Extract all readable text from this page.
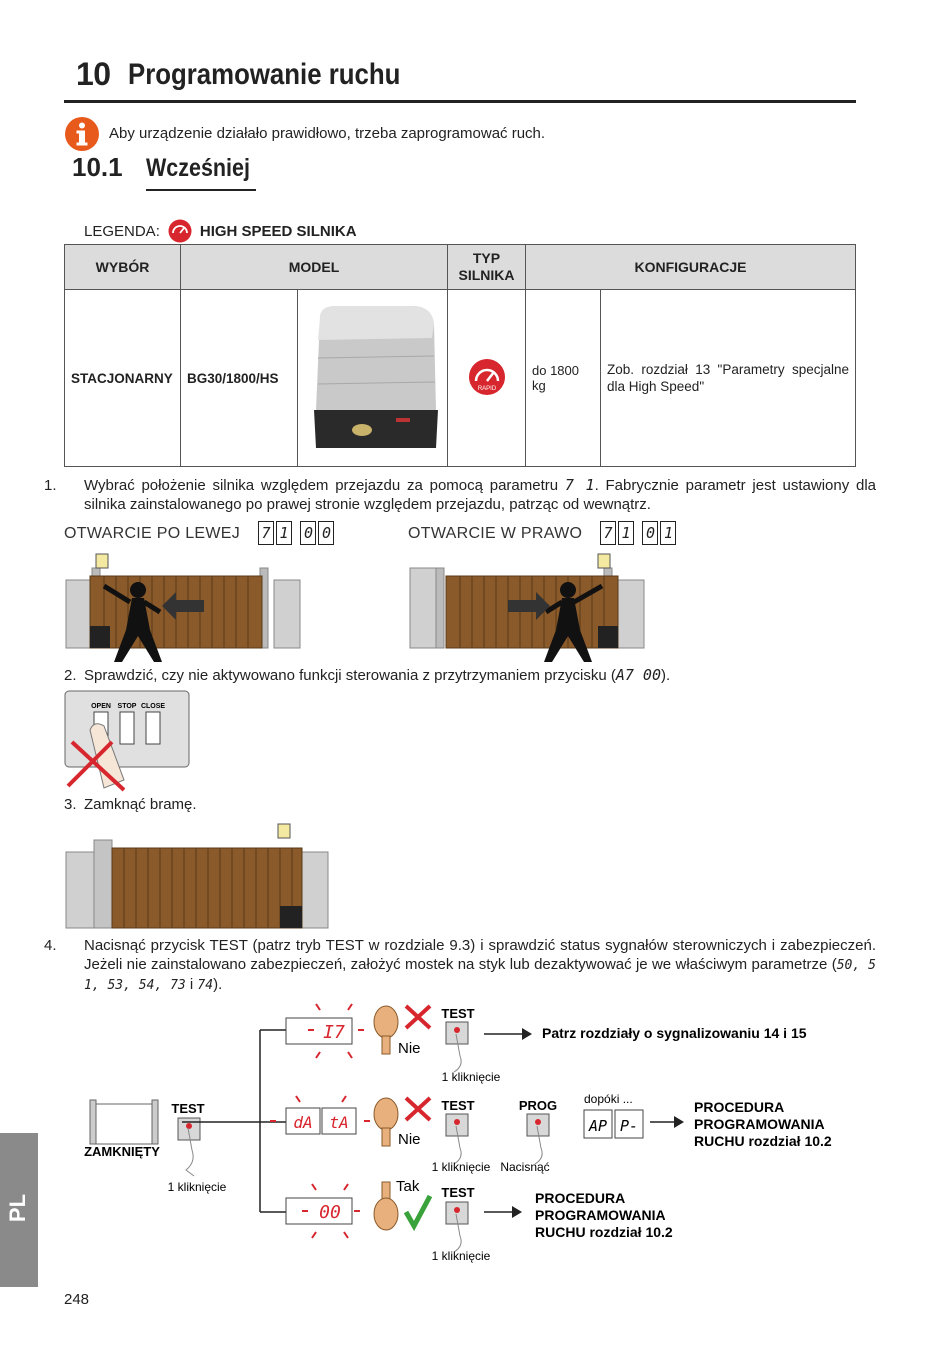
10 Programowanie ruchu
Aby urządzenie działało prawidłowo, trzeba zaprogramować ruch.
10.1 Wcześniej
LEGENDA:	HIGH SPEED SILNIKA
WYBÓR	MODEL		TYP SILNIKA	KONFIGURACJE	
STACJONARNY	BG30/1800/HS		RAPID	do 1800 kg	Zob. rozdział 13 "Parametry specjalne dla High Speed"
1. Wybrać położenie silnika względem przejazdu za pomocą parametru 7 1. Fabrycznie parametr jest ustawiony dla silnika zainstalowanego po prawej stronie względem przejazdu, patrząc od wewnątrz.
OTWARCIE PO LEWEJ 7 1
0 0	OTWARCIE W PRAWO 7 1
0 1
2. Sprawdzić, czy nie aktywowano funkcji sterowania z przytrzymaniem przycisku (A7 00).
OPEN STOP CLOSE
3. Zamknąć bramę.
4. Nacisnąć przycisk TEST (patrz tryb TEST w rozdziale 9.3) i sprawdzić status sygnałów sterowniczych i zabezpieczeń. Jeżeli nie zainstalowano zabezpieczeń, założyć mostek na styk lub dezaktywować je we właściwym parametrze (50, 5 1, 53, 54, 73 i 74).
ZAMKNIĘTY
TEST
1 kliknięcie
I7
Nie
TEST
1 kliknięcie
Patrz rozdziały o sygnalizowaniu 14 i 15
dA tA
Nie
TEST
1 kliknięcie
PROG
Nacisnąć
dopóki ...
AP P-
PROCEDURA
PROGRAMOWANIA
RUCHU rozdział 10.2
00
Tak TEST
1 kliknięcie
PROCEDURA
PROGRAMOWANIA
RUCHU rozdział 10.2
PL
248
